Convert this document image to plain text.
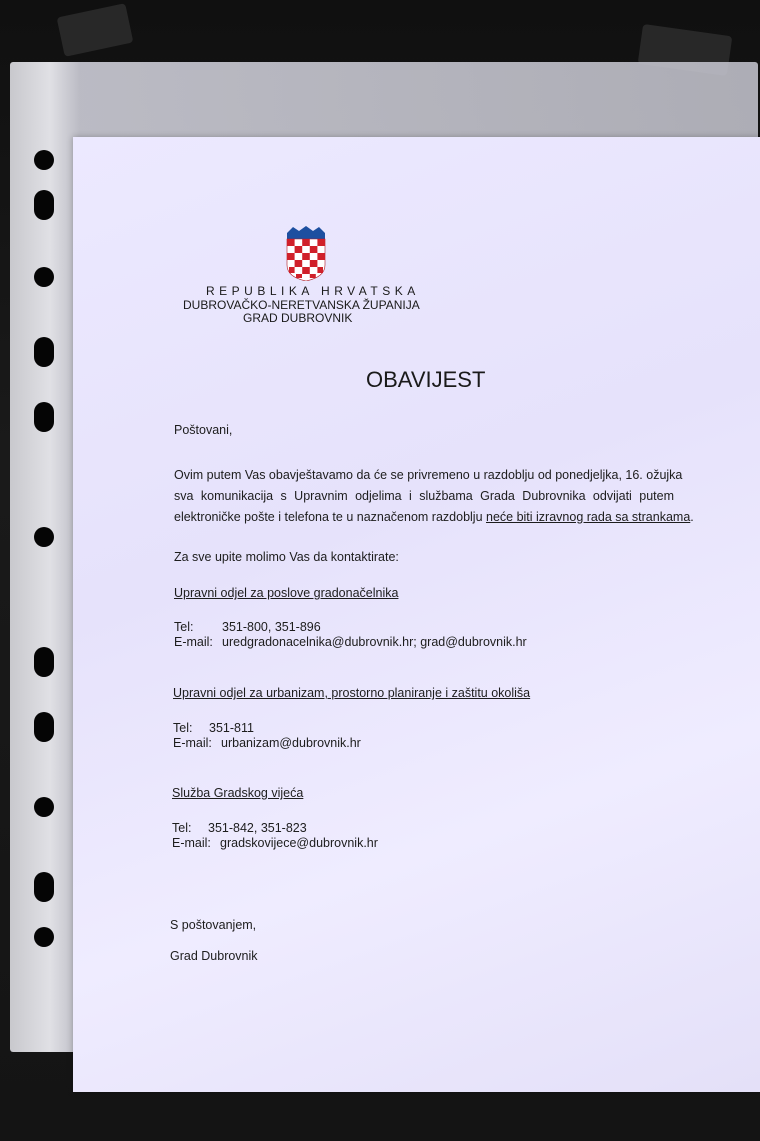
REPUBLIKA HRVATSKA
DUBROVAČKO-NERETVANSKA ŽUPANIJA
GRAD DUBROVNIK
OBAVIJEST
Poštovani,
Ovim putem Vas obavještavamo da će se privremeno u razdoblju od ponedjeljka, 16. ožujka
sva komunikacija s Upravnim odjelima i službama Grada Dubrovnika odvijati putem
elektroničke pošte i telefona te u naznačenom razdoblju neće biti izravnog rada sa strankama.
Za sve upite molimo Vas da kontaktirate:
Upravni odjel za poslove gradonačelnika
Tel: 351-800, 351-896
E-mail: uredgradonacelnika@dubrovnik.hr; grad@dubrovnik.hr
Upravni odjel za urbanizam, prostorno planiranje i zaštitu okoliša
Tel: 351-811
E-mail: urbanizam@dubrovnik.hr
Služba Gradskog vijeća
Tel: 351-842, 351-823
E-mail: gradskovijece@dubrovnik.hr
S poštovanjem,
Grad Dubrovnik
